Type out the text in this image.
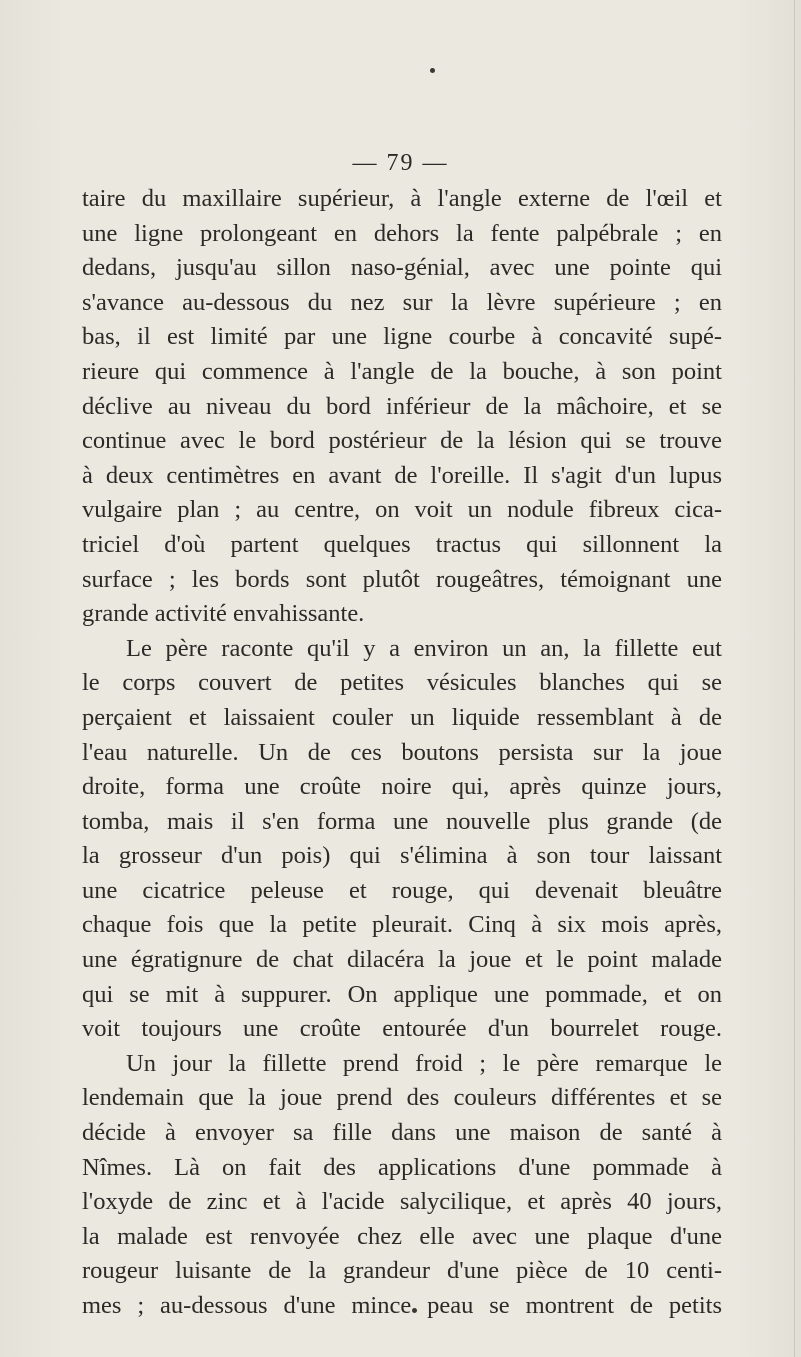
— 79 —
taire du maxillaire supérieur, à l'angle externe de l'œil et
une ligne prolongeant en dehors la fente palpébrale ; en
dedans, jusqu'au sillon naso-génial, avec une pointe qui
s'avance au-dessous du nez sur la lèvre supérieure ; en
bas, il est limité par une ligne courbe à concavité supé-
rieure qui commence à l'angle de la bouche, à son point
déclive au niveau du bord inférieur de la mâchoire, et se
continue avec le bord postérieur de la lésion qui se trouve
à deux centimètres en avant de l'oreille. Il s'agit d'un lupus
vulgaire plan ; au centre, on voit un nodule fibreux cica-
triciel d'où partent quelques tractus qui sillonnent la
surface ; les bords sont plutôt rougeâtres, témoignant une
grande activité envahissante.
Le père raconte qu'il y a environ un an, la fillette eut
le corps couvert de petites vésicules blanches qui se
perçaient et laissaient couler un liquide ressemblant à de
l'eau naturelle. Un de ces boutons persista sur la joue
droite, forma une croûte noire qui, après quinze jours,
tomba, mais il s'en forma une nouvelle plus grande (de
la grosseur d'un pois) qui s'élimina à son tour laissant
une cicatrice peleuse et rouge, qui devenait bleuâtre
chaque fois que la petite pleurait. Cinq à six mois après,
une égratignure de chat dilacéra la joue et le point malade
qui se mit à suppurer. On applique une pommade, et on
voit toujours une croûte entourée d'un bourrelet rouge.
Un jour la fillette prend froid ; le père remarque le
lendemain que la joue prend des couleurs différentes et se
décide à envoyer sa fille dans une maison de santé à
Nîmes. Là on fait des applications d'une pommade à
l'oxyde de zinc et à l'acide salycilique, et après 40 jours,
la malade est renvoyée chez elle avec une plaque d'une
rougeur luisante de la grandeur d'une pièce de 10 centi-
mes ; au-dessous d'une mince peau se montrent de petits
